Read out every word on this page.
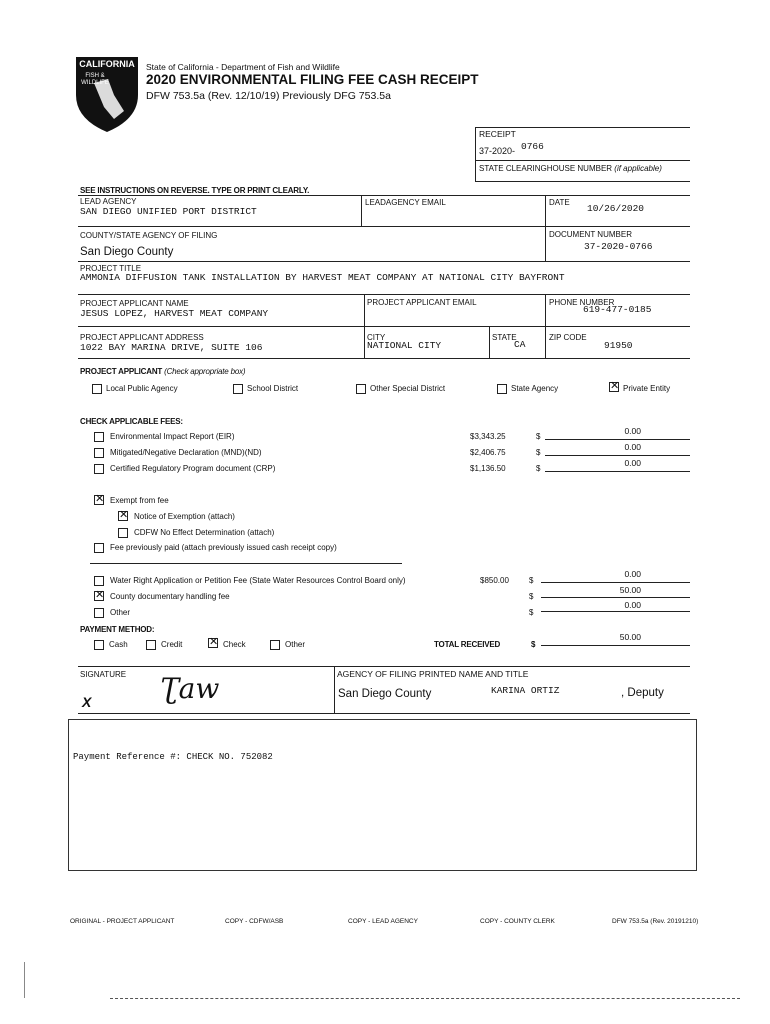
CALIFORNIA
FISH &
WILDLIFE
State of California - Department of Fish and Wildlife
2020 ENVIRONMENTAL FILING FEE CASH RECEIPT
DFW 753.5a (Rev. 12/10/19) Previously DFG 753.5a
RECEIPT
37-2020- 0766
STATE CLEARINGHOUSE NUMBER (if applicable)
SEE INSTRUCTIONS ON REVERSE. TYPE OR PRINT CLEARLY.
LEAD AGENCY
SAN DIEGO UNIFIED PORT DISTRICT
LEADAGENCY EMAIL	DATE
10/26/2020
COUNTY/STATE AGENCY OF FILING
San Diego County
DOCUMENT NUMBER
37-2020-0766
PROJECT TITLE
AMMONIA DIFFUSION TANK INSTALLATION BY HARVEST MEAT COMPANY AT NATIONAL CITY BAYFRONT
PROJECT APPLICANT NAME
JESUS LOPEZ, HARVEST MEAT COMPANY
PROJECT APPLICANT EMAIL	PHONE NUMBER
619-477-0185
PROJECT APPLICANT ADDRESS
1022 BAY MARINA DRIVE, SUITE 106
CITY
NATIONAL CITY
STATE
CA
ZIP CODE
91950
PROJECT APPLICANT (Check appropriate box)
Local Public Agency	School District	Other Special District	State Agency ✕	Private Entity
CHECK APPLICABLE FEES:
Environmental Impact Report (EIR)	$3,343.25	$
0.00
Mitigated/Negative Declaration (MND)(ND)	$2,406.75	$
0.00
Certified Regulatory Program document (CRP)	$1,136.50	$
0.00
✕
Exempt from fee
✕
Notice of Exemption (attach)
CDFW No Effect Determination (attach)
Fee previously paid (attach previously issued cash receipt copy)
Water Right Application or Petition Fee (State Water Resources Control Board only)	$850.00	$
0.00
✕
County documentary handling fee	$
50.00
Other	$
0.00
PAYMENT METHOD:
Cash	Credit ✕	Check	Other	TOTAL RECEIVED	$
50.00
SIGNATURE
X Ʈaw	AGENCY OF FILING PRINTED NAME AND TITLE
San Diego County	KARINA ORTIZ	, Deputy
Payment Reference #: CHECK NO. 752082
ORIGINAL - PROJECT APPLICANT	COPY - CDFW/ASB	COPY - LEAD AGENCY	COPY - COUNTY CLERK	DFW 753.5a (Rev. 20191210)
